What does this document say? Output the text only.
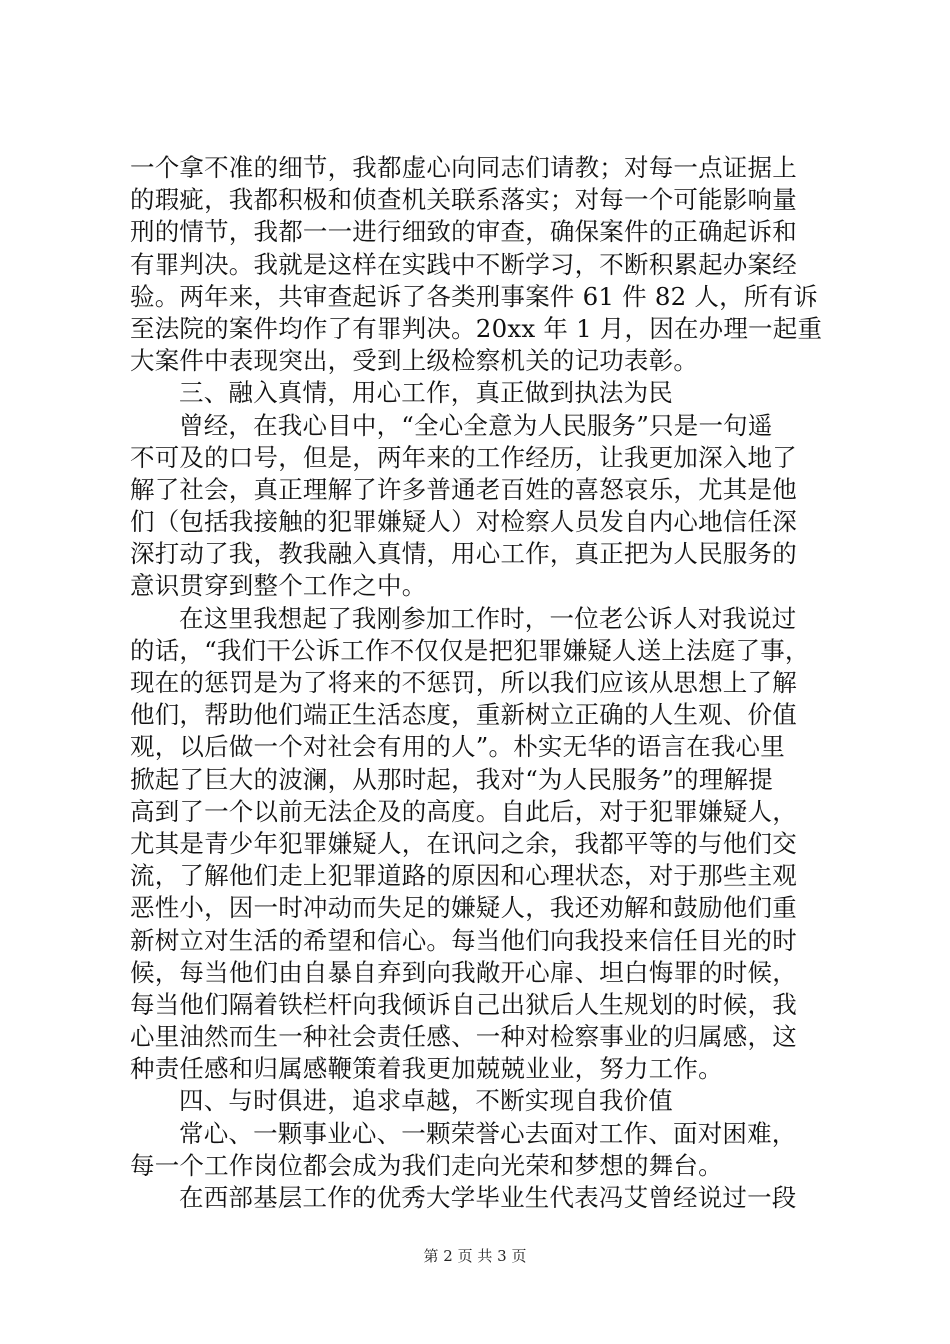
一个拿不准的细节，我都虚心向同志们请教；对每一点证据上
的瑕疵，我都积极和侦查机关联系落实；对每一个可能影响量
刑的情节，我都一一进行细致的审查，确保案件的正确起诉和
有罪判决。我就是这样在实践中不断学习，不断积累起办案经
验。两年来，共审查起诉了各类刑事案件 61 件 82 人，所有诉
至法院的案件均作了有罪判决。20xx 年 1 月，因在办理一起重
大案件中表现突出，受到上级检察机关的记功表彰。
三、融入真情，用心工作，真正做到执法为民
曾经，在我心目中，“全心全意为人民服务”只是一句遥
不可及的口号，但是，两年来的工作经历，让我更加深入地了
解了社会，真正理解了许多普通老百姓的喜怒哀乐，尤其是他
们（包括我接触的犯罪嫌疑人）对检察人员发自内心地信任深
深打动了我，教我融入真情，用心工作，真正把为人民服务的
意识贯穿到整个工作之中。
在这里我想起了我刚参加工作时，一位老公诉人对我说过
的话，“我们干公诉工作不仅仅是把犯罪嫌疑人送上法庭了事，
现在的惩罚是为了将来的不惩罚，所以我们应该从思想上了解
他们，帮助他们端正生活态度，重新树立正确的人生观、价值
观，以后做一个对社会有用的人”。朴实无华的语言在我心里
掀起了巨大的波澜，从那时起，我对“为人民服务”的理解提
高到了一个以前无法企及的高度。自此后，对于犯罪嫌疑人，
尤其是青少年犯罪嫌疑人，在讯问之余，我都平等的与他们交
流，了解他们走上犯罪道路的原因和心理状态，对于那些主观
恶性小，因一时冲动而失足的嫌疑人，我还劝解和鼓励他们重
新树立对生活的希望和信心。每当他们向我投来信任目光的时
候，每当他们由自暴自弃到向我敞开心扉、坦白悔罪的时候，
每当他们隔着铁栏杆向我倾诉自己出狱后人生规划的时候，我
心里油然而生一种社会责任感、一种对检察事业的归属感，这
种责任感和归属感鞭策着我更加兢兢业业，努力工作。
四、与时俱进，追求卓越，不断实现自我价值
常心、一颗事业心、一颗荣誉心去面对工作、面对困难，
每一个工作岗位都会成为我们走向光荣和梦想的舞台。
在西部基层工作的优秀大学毕业生代表冯艾曾经说过一段
第 2 页 共 3 页
